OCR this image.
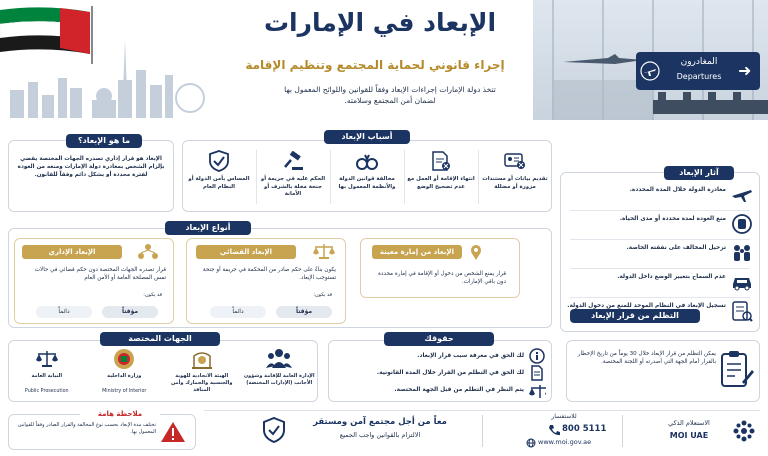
الإبعاد في الإمارات
إجراء قانوني لحماية المجتمع وتنظيم الإقامة
تتخذ دولة الإمارات إجراءات الإبعاد وفقاً للقوانين واللوائح المعمول بها
لضمان أمن المجتمع وسلامته.
المغادرون
Departures	➜
الإبعاد هو قرار إداري تصدره الجهات المختصة يقضي بإلزام الشخص بمغادرة دولة الإمارات ومنعه من العودة لفترة محددة أو بشكل دائم وفقاً للقانون.
ما هو الإبعاد؟	أسباب الإبعاد
تقديم بيانات أو مستندات مزورة أو مضللة
انتهاء الإقامة أو العمل مع عدم تصحيح الوضع
مخالفة قوانين الدولة والأنظمة المعمول بها
الحكم عليه في جريمة أو جنحة مخلة بالشرف أو الأمانة
المساس بأمن الدولة أو النظام العام
آثار الإبعاد
مغادرة الدولة خلال المدة المحددة.
منع العودة لمدة محددة أو مدى الحياة.
ترحيل المخالف على نفقته الخاصة.
عدم السماح بتغيير الوضع داخل الدولة.
تسجيل الإبعاد في النظام الموحد للمنع من دخول الدولة.
أنواع الإبعاد
الإبعاد من إمارة معينة
قرار يمنع الشخص من دخول أو الإقامة في إمارة محددة دون باقي الإمارات.
الإبعاد القضائي
يكون بناءً على حكم صادر من المحكمة في جريمة أو جنحة تستوجب الإبعاد.
قد يكون:
دائماً	مؤقتاً
الإبعاد الإداري
قرار تصدره الجهات المختصة دون حكم قضائي في حالات تمس المصلحة العامة أو الأمن العام
قد يكون:
دائماً	مؤقتاً
الجهات المختصة
الإدارة العامة للإقامة وشؤون الأجانب (الإدارات المختصة)
الهيئة الاتحادية للهوية والجنسية والجمارك وأمن المنافذ
وزارة الداخلية
Ministry of Interior
النيابة العامة
Public Prosecution
حقوقك
لك الحق في معرفة سبب قرار الإبعاد.
لك الحق في التظلم من القرار خلال المدة القانونية.
يتم النظر في التظلم من قبل الجهة المختصة.
التظلم من قرار الإبعاد
يمكن التظلم من قرار الإبعاد خلال 30 يوماً من تاريخ الإخطار بالقرار أمام الجهة التي أصدرته أو اللجنة المختصة.
ملاحظة هامة
تختلف مدة الإبعاد بحسب نوع المخالفة والقرار الصادر وفقاً للقوانين المعمول بها.
معاً من أجل مجتمع آمن ومستقر
الالتزام بالقوانين واجب الجميع
للاستفسار
800 5111
www.moi.gov.ae
الاستعلام الذكي
MOI UAE
